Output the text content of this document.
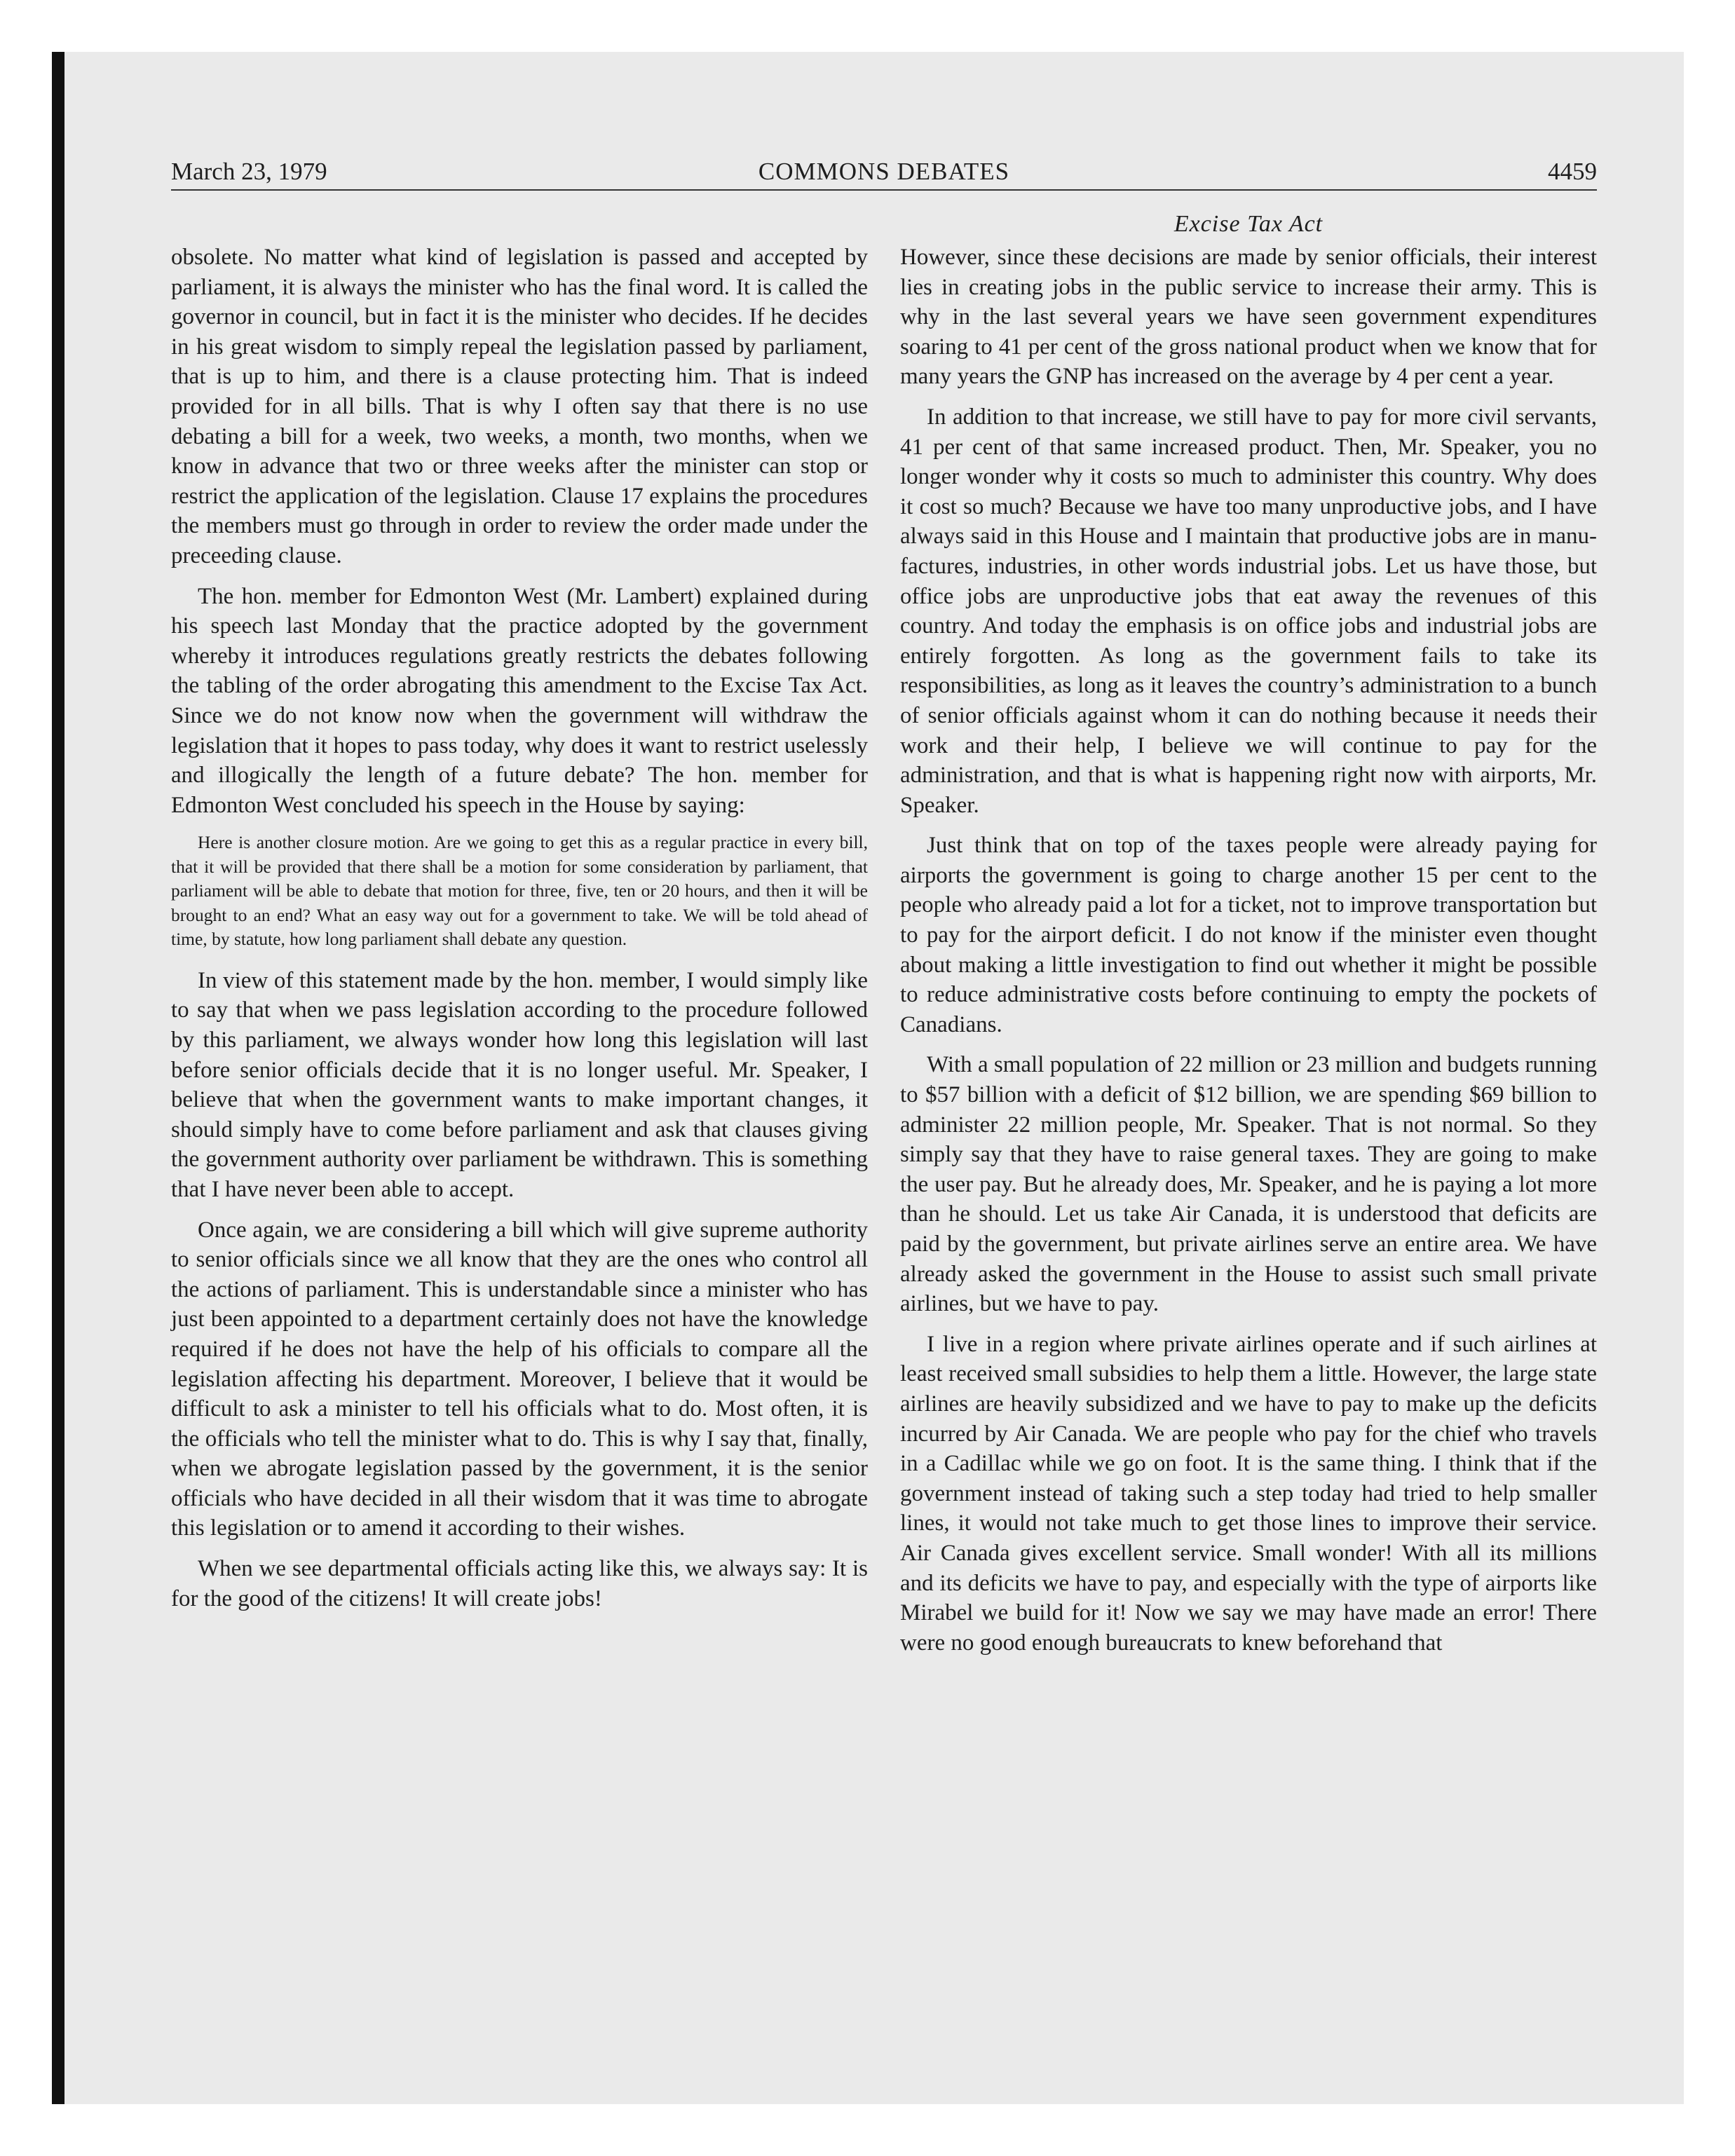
March 23, 1979	COMMONS DEBATES	4459
Excise Tax Act

obsolete. No matter what kind of legislation is passed and accepted by parliament, it is always the minister who has the final word. It is called the governor in council, but in fact it is the minister who decides. If he decides in his great wisdom to simply repeal the legislation passed by parliament, that is up to him, and there is a clause protecting him. That is indeed provided for in all bills. That is why I often say that there is no use debating a bill for a week, two weeks, a month, two months, when we know in advance that two or three weeks after the minister can stop or restrict the application of the legislation. Clause 17 explains the procedures the members must go through in order to review the order made under the preceeding clause.

The hon. member for Edmonton West (Mr. Lambert) explained during his speech last Monday that the practice adopted by the government whereby it introduces regulations greatly restricts the debates following the tabling of the order abrogating this amendment to the Excise Tax Act. Since we do not know now when the government will withdraw the legislation that it hopes to pass today, why does it want to restrict uselessly and illogically the length of a future debate? The hon. member for Edmonton West concluded his speech in the House by saying:

Here is another closure motion. Are we going to get this as a regular practice in every bill, that it will be provided that there shall be a motion for some consideration by parliament, that parliament will be able to debate that motion for three, five, ten or 20 hours, and then it will be brought to an end? What an easy way out for a government to take. We will be told ahead of time, by statute, how long parliament shall debate any question.

In view of this statement made by the hon. member, I would simply like to say that when we pass legislation according to the procedure followed by this parliament, we always wonder how long this legislation will last before senior officials decide that it is no longer useful. Mr. Speaker, I believe that when the government wants to make important changes, it should simply have to come before parliament and ask that clauses giving the government authority over parliament be withdrawn. This is something that I have never been able to accept.

Once again, we are considering a bill which will give supreme authority to senior officials since we all know that they are the ones who control all the actions of parliament. This is understandable since a minister who has just been appointed to a department certainly does not have the knowledge required if he does not have the help of his officials to compare all the legislation affecting his department. Moreover, I believe that it would be difficult to ask a minister to tell his officials what to do. Most often, it is the officials who tell the minister what to do. This is why I say that, finally, when we abrogate legislation passed by the government, it is the senior officials who have decided in all their wisdom that it was time to abrogate this legislation or to amend it according to their wishes.

When we see departmental officials acting like this, we always say: It is for the good of the citizens! It will create jobs!

However, since these decisions are made by senior officials, their interest lies in creating jobs in the public service to increase their army. This is why in the last several years we have seen government expenditures soaring to 41 per cent of the gross national product when we know that for many years the GNP has increased on the average by 4 per cent a year.

In addition to that increase, we still have to pay for more civil servants, 41 per cent of that same increased product. Then, Mr. Speaker, you no longer wonder why it costs so much to administer this country. Why does it cost so much? Because we have too many unproductive jobs, and I have always said in this House and I maintain that productive jobs are in manufactures, industries, in other words industrial jobs. Let us have those, but office jobs are unproductive jobs that eat away the revenues of this country. And today the emphasis is on office jobs and industrial jobs are entirely forgotten. As long as the government fails to take its responsibilities, as long as it leaves the country’s administration to a bunch of senior officials against whom it can do nothing because it needs their work and their help, I believe we will continue to pay for the administration, and that is what is happening right now with airports, Mr. Speaker.

Just think that on top of the taxes people were already paying for airports the government is going to charge another 15 per cent to the people who already paid a lot for a ticket, not to improve transportation but to pay for the airport deficit. I do not know if the minister even thought about making a little investigation to find out whether it might be possible to reduce administrative costs before continuing to empty the pockets of Canadians.

With a small population of 22 million or 23 million and budgets running to $57 billion with a deficit of $12 billion, we are spending $69 billion to administer 22 million people, Mr. Speaker. That is not normal. So they simply say that they have to raise general taxes. They are going to make the user pay. But he already does, Mr. Speaker, and he is paying a lot more than he should. Let us take Air Canada, it is understood that deficits are paid by the government, but private airlines serve an entire area. We have already asked the government in the House to assist such small private airlines, but we have to pay.

I live in a region where private airlines operate and if such airlines at least received small subsidies to help them a little. However, the large state airlines are heavily subsidized and we have to pay to make up the deficits incurred by Air Canada. We are people who pay for the chief who travels in a Cadillac while we go on foot. It is the same thing. I think that if the government instead of taking such a step today had tried to help smaller lines, it would not take much to get those lines to improve their service. Air Canada gives excellent service. Small wonder! With all its millions and its deficits we have to pay, and especially with the type of airports like Mirabel we build for it! Now we say we may have made an error! There were no good enough bureaucrats to knew beforehand that
